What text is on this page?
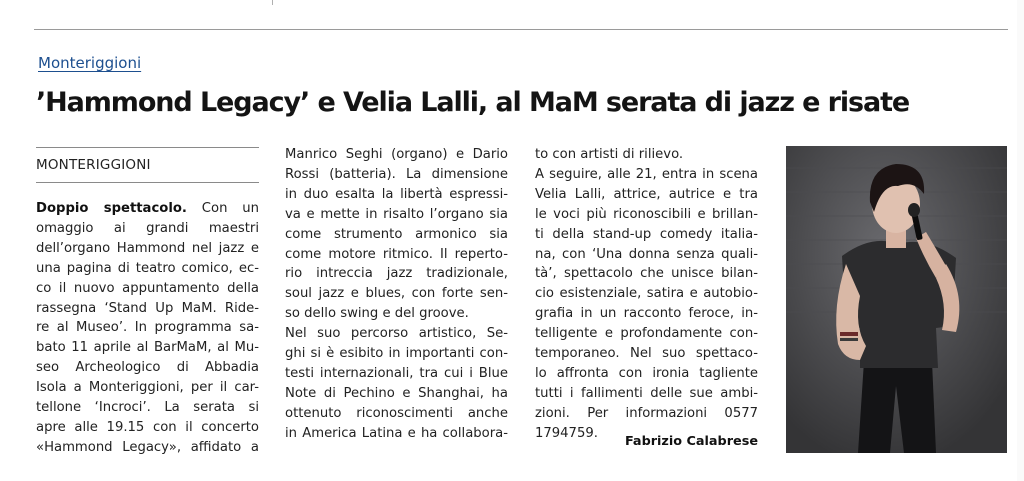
Monteriggioni
’Hammond Legacy’ e Velia Lalli, al MaM serata di jazz e risate
MONTERIGGIONI
Doppio spettacolo. Con un
omaggio ai grandi maestri
dell’organo Hammond nel jazz e
una pagina di teatro comico, ec-
co il nuovo appuntamento della
rassegna ‘Stand Up MaM. Ride-
re al Museo’. In programma sa-
bato 11 aprile al BarMaM, al Mu-
seo Archeologico di Abbadia
Isola a Monteriggioni, per il car-
tellone ‘Incroci’. La serata si
apre alle 19.15 con il concerto
«Hammond Legacy», affidato a
Manrico Seghi (organo) e Dario
Rossi (batteria). La dimensione
in duo esalta la libertà espressi-
va e mette in risalto l’organo sia
come strumento armonico sia
come motore ritmico. Il reperto-
rio intreccia jazz tradizionale,
soul jazz e blues, con forte sen-
so dello swing e del groove.
Nel suo percorso artistico, Se-
ghi si è esibito in importanti con-
testi internazionali, tra cui i Blue
Note di Pechino e Shanghai, ha
ottenuto riconoscimenti anche
in America Latina e ha collabora-
to con artisti di rilievo.
A seguire, alle 21, entra in scena
Velia Lalli, attrice, autrice e tra
le voci più riconoscibili e brillan-
ti della stand-up comedy italia-
na, con ‘Una donna senza quali-
tà’, spettacolo che unisce bilan-
cio esistenziale, satira e autobio-
grafia in un racconto feroce, in-
telligente e profondamente con-
temporaneo. Nel suo spettaco-
lo affronta con ironia tagliente
tutti i fallimenti delle sue ambi-
zioni. Per informazioni 0577
1794759.
Fabrizio Calabrese
